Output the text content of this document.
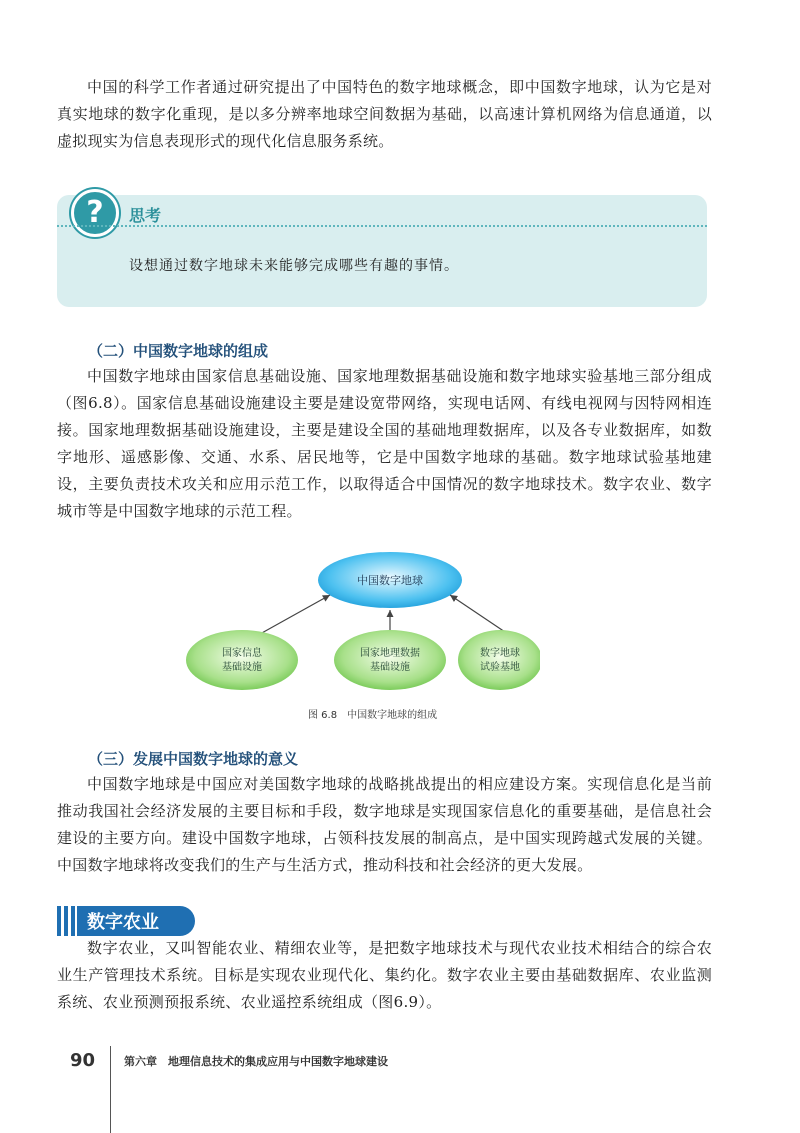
中国的科学工作者通过研究提出了中国特色的数字地球概念，即中国数字地球，认为它是对真实地球的数字化重现，是以多分辨率地球空间数据为基础，以高速计算机网络为信息通道，以虚拟现实为信息表现形式的现代化信息服务系统。

?	思考
设想通过数字地球未来能够完成哪些有趣的事情。
（二）中国数字地球的组成

中国数字地球由国家信息基础设施、国家地理数据基础设施和数字地球实验基地三部分组成（图6.8）。国家信息基础设施建设主要是建设宽带网络，实现电话网、有线电视网与因特网相连接。国家地理数据基础设施建设，主要是建设全国的基础地理数据库，以及各专业数据库，如数字地形、遥感影像、交通、水系、居民地等，它是中国数字地球的基础。数字地球试验基地建设，主要负责技术攻关和应用示范工作，以取得适合中国情况的数字地球技术。数字农业、数字城市等是中国数字地球的示范工程。

中国数字地球
国家信息
基础设施
国家地理数据
基础设施
数字地球
试验基地
图 6.8　中国数字地球的组成
（三）发展中国数字地球的意义

中国数字地球是中国应对美国数字地球的战略挑战提出的相应建设方案。实现信息化是当前推动我国社会经济发展的主要目标和手段，数字地球是实现国家信息化的重要基础，是信息社会建设的主要方向。建设中国数字地球，占领科技发展的制高点，是中国实现跨越式发展的关键。中国数字地球将改变我们的生产与生活方式，推动科技和社会经济的更大发展。

数字农业

数字农业，又叫智能农业、精细农业等，是把数字地球技术与现代农业技术相结合的综合农业生产管理技术系统。目标是实现农业现代化、集约化。数字农业主要由基础数据库、农业监测系统、农业预测预报系统、农业遥控系统组成（图6.9）。

90	第六章　地理信息技术的集成应用与中国数字地球建设
